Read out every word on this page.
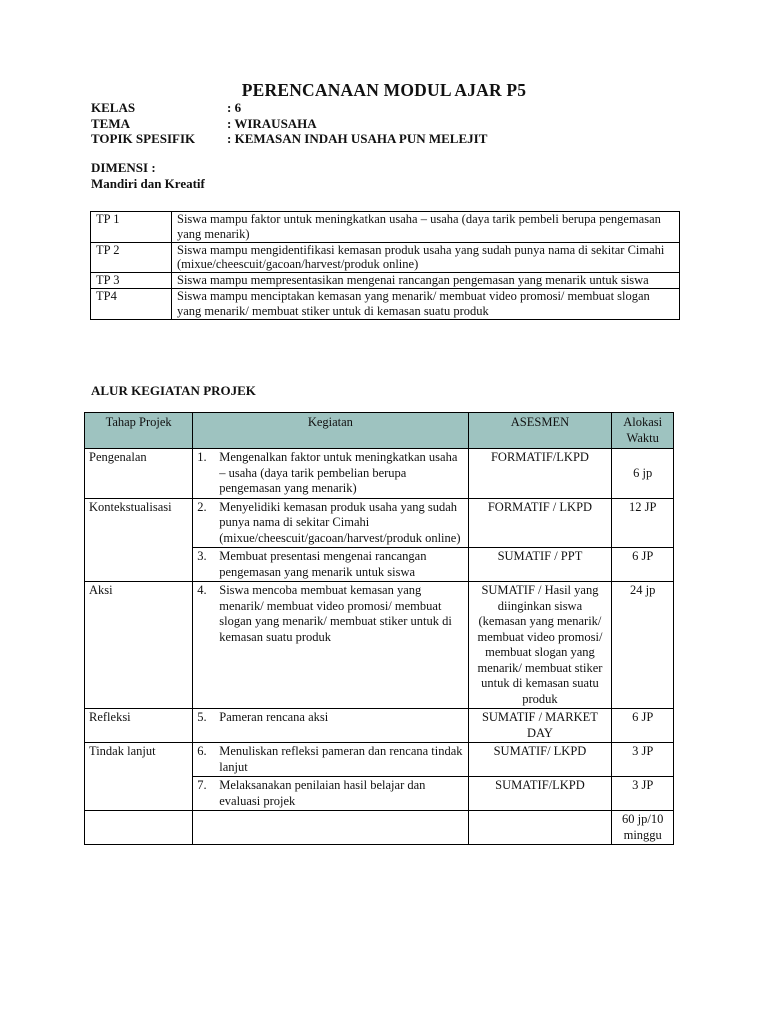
PERENCANAAN MODUL AJAR P5
KELAS	: 6
TEMA	: WIRAUSAHA
TOPIK SPESIFIK	: KEMASAN INDAH USAHA PUN MELEJIT
DIMENSI :
Mandiri dan Kreatif
TP 1	Siswa mampu faktor untuk meningkatkan usaha – usaha (daya tarik pembeli berupa pengemasan yang menarik)
TP 2	Siswa mampu mengidentifikasi kemasan produk usaha yang sudah punya nama di sekitar Cimahi (mixue/cheescuit/gacoan/harvest/produk online)
TP 3	Siswa mampu mempresentasikan mengenai rancangan pengemasan yang menarik untuk siswa
TP4	Siswa mampu menciptakan kemasan yang menarik/ membuat video promosi/ membuat slogan yang menarik/ membuat stiker untuk di kemasan suatu produk
ALUR KEGIATAN PROJEK
Tahap Projek	Kegiatan	ASESMEN	Alokasi Waktu
Pengenalan	1. Mengenalkan faktor untuk meningkatkan usaha – usaha (daya tarik pembelian berupa pengemasan yang menarik)	FORMATIF/LKPD	6 jp
Kontekstualisasi	2. Menyelidiki kemasan produk usaha yang sudah punya nama di sekitar Cimahi (mixue/cheescuit/gacoan/harvest/produk online)	FORMATIF / LKPD	12 JP

	3. Membuat presentasi mengenai rancangan pengemasan yang menarik untuk siswa	SUMATIF / PPT	6 JP
Aksi	4. Siswa mencoba membuat kemasan yang menarik/ membuat video promosi/ membuat slogan yang menarik/ membuat stiker untuk di kemasan suatu produk	SUMATIF / Hasil yang diinginkan siswa (kemasan yang menarik/ membuat video promosi/ membuat slogan yang menarik/ membuat stiker untuk di kemasan suatu produk	24 jp
Refleksi	5. Pameran rencana aksi	SUMATIF / MARKET DAY	6 JP
Tindak lanjut	6. Menuliskan refleksi pameran dan rencana tindak lanjut	SUMATIF/ LKPD	3 JP

	7. Melaksanakan penilaian hasil belajar dan evaluasi projek	SUMATIF/LKPD	3 JP
			60 jp/10 minggu
